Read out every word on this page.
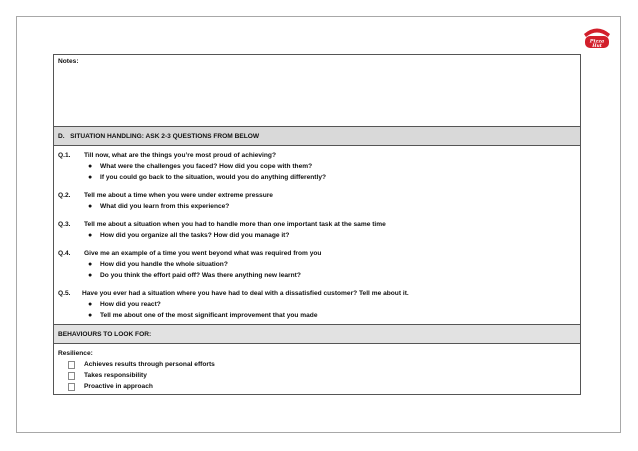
Pizza
Hut
Notes:
D.   SITUATION HANDLING: ASK 2-3 QUESTIONS FROM BELOW
Q.1.	Till now, what are the things you’re most proud of achieving?
●	What were the challenges you faced? How did you cope with them?
●	If you could go back to the situation, would you do anything differently?
Q.2.	Tell me about a time when you were under extreme pressure
●	What did you learn from this experience?
Q.3.	Tell me about a situation when you had to handle more than one important task at the same time
●	How did you organize all the tasks? How did you manage it?
Q.4.	Give me an example of a time you went beyond what was required from you
●	How did you handle the whole situation?
●	Do you think the effort paid off? Was there anything new learnt?
Q.5.	Have you ever had a situation where you have had to deal with a dissatisfied customer? Tell me about it.
●	How did you react?
●	Tell me about one of the most significant improvement that you made
BEHAVIOURS TO LOOK FOR:
Resilience:
Achieves results through personal efforts
Takes responsibility
Proactive in approach
